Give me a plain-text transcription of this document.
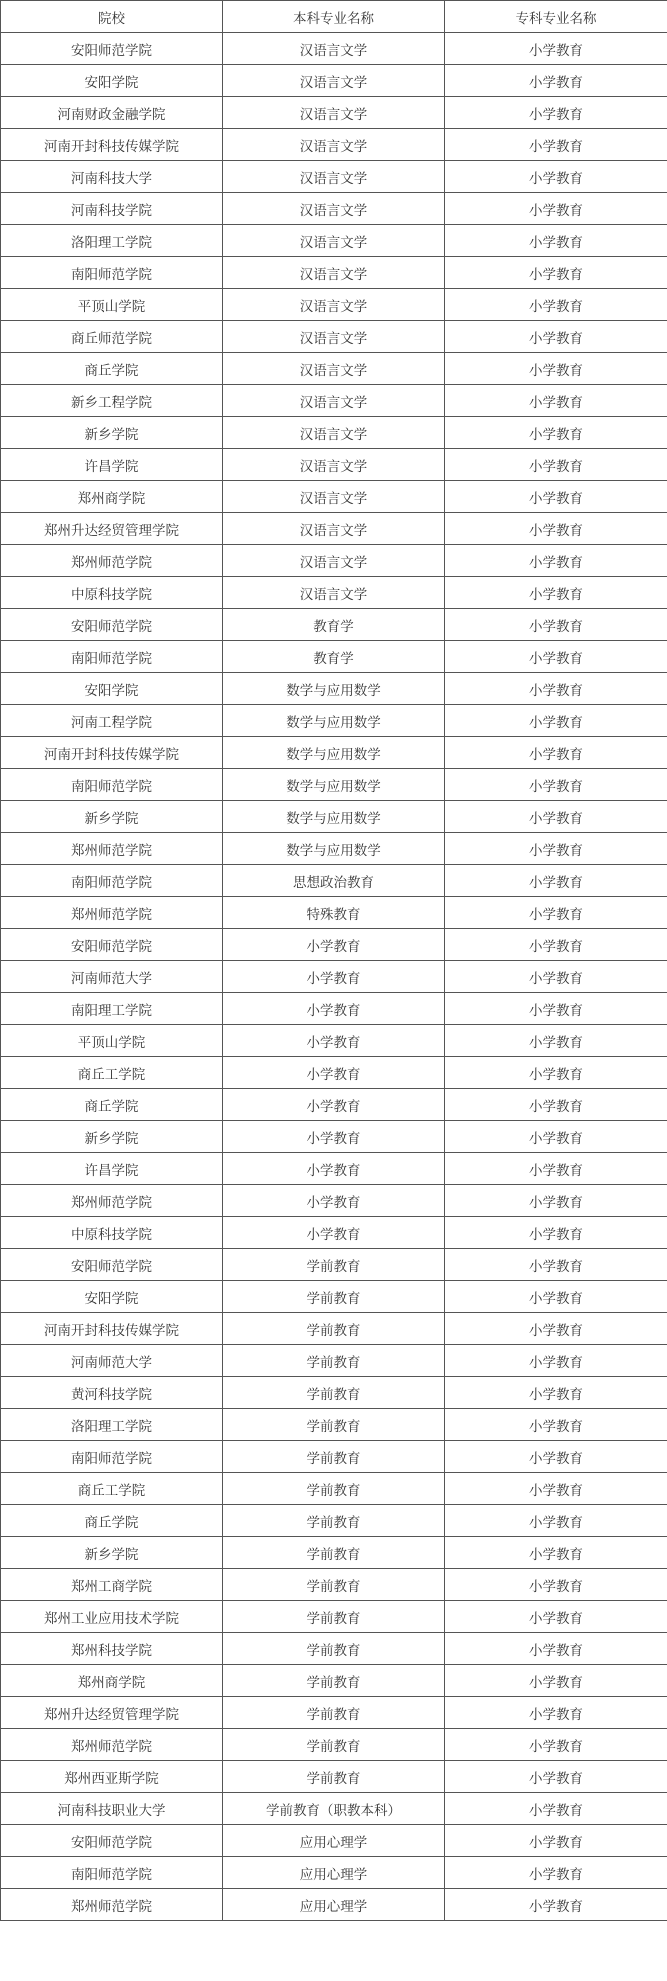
院校	本科专业名称	专科专业名称
安阳师范学院	汉语言文学	小学教育
安阳学院	汉语言文学	小学教育
河南财政金融学院	汉语言文学	小学教育
河南开封科技传媒学院	汉语言文学	小学教育
河南科技大学	汉语言文学	小学教育
河南科技学院	汉语言文学	小学教育
洛阳理工学院	汉语言文学	小学教育
南阳师范学院	汉语言文学	小学教育
平顶山学院	汉语言文学	小学教育
商丘师范学院	汉语言文学	小学教育
商丘学院	汉语言文学	小学教育
新乡工程学院	汉语言文学	小学教育
新乡学院	汉语言文学	小学教育
许昌学院	汉语言文学	小学教育
郑州商学院	汉语言文学	小学教育
郑州升达经贸管理学院	汉语言文学	小学教育
郑州师范学院	汉语言文学	小学教育
中原科技学院	汉语言文学	小学教育
安阳师范学院	教育学	小学教育
南阳师范学院	教育学	小学教育
安阳学院	数学与应用数学	小学教育
河南工程学院	数学与应用数学	小学教育
河南开封科技传媒学院	数学与应用数学	小学教育
南阳师范学院	数学与应用数学	小学教育
新乡学院	数学与应用数学	小学教育
郑州师范学院	数学与应用数学	小学教育
南阳师范学院	思想政治教育	小学教育
郑州师范学院	特殊教育	小学教育
安阳师范学院	小学教育	小学教育
河南师范大学	小学教育	小学教育
南阳理工学院	小学教育	小学教育
平顶山学院	小学教育	小学教育
商丘工学院	小学教育	小学教育
商丘学院	小学教育	小学教育
新乡学院	小学教育	小学教育
许昌学院	小学教育	小学教育
郑州师范学院	小学教育	小学教育
中原科技学院	小学教育	小学教育
安阳师范学院	学前教育	小学教育
安阳学院	学前教育	小学教育
河南开封科技传媒学院	学前教育	小学教育
河南师范大学	学前教育	小学教育
黄河科技学院	学前教育	小学教育
洛阳理工学院	学前教育	小学教育
南阳师范学院	学前教育	小学教育
商丘工学院	学前教育	小学教育
商丘学院	学前教育	小学教育
新乡学院	学前教育	小学教育
郑州工商学院	学前教育	小学教育
郑州工业应用技术学院	学前教育	小学教育
郑州科技学院	学前教育	小学教育
郑州商学院	学前教育	小学教育
郑州升达经贸管理学院	学前教育	小学教育
郑州师范学院	学前教育	小学教育
郑州西亚斯学院	学前教育	小学教育
河南科技职业大学	学前教育（职教本科）	小学教育
安阳师范学院	应用心理学	小学教育
南阳师范学院	应用心理学	小学教育
郑州师范学院	应用心理学	小学教育
